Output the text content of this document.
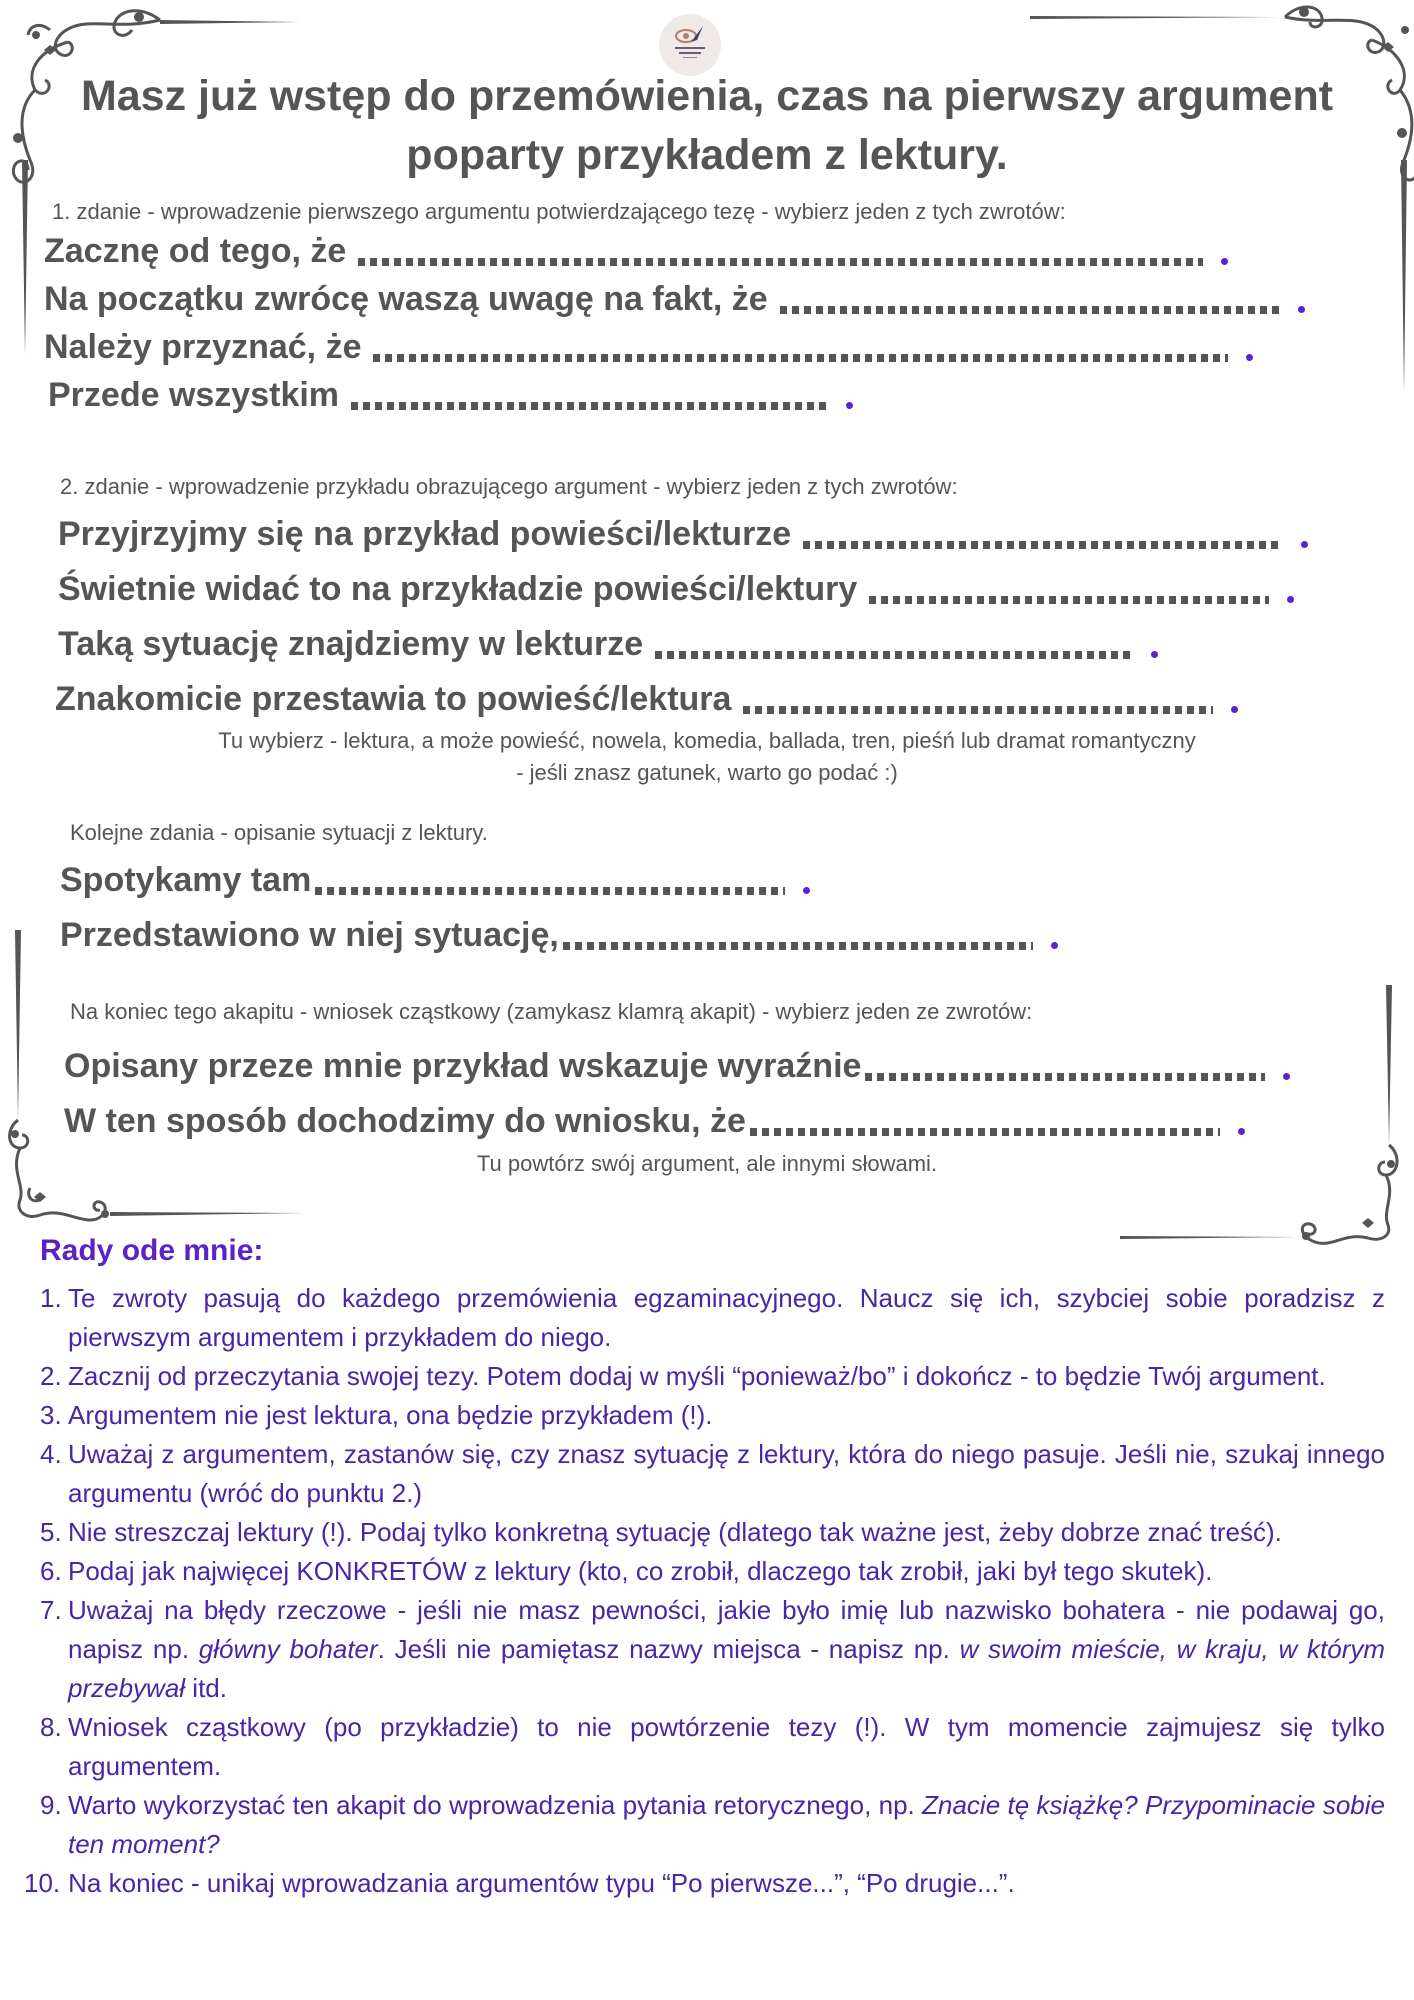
Masz już wstęp do przemówienia, czas na pierwszy argument
poparty przykładem z lektury.
1. zdanie - wprowadzenie pierwszego argumentu potwierdzającego tezę - wybierz jeden z tych zwrotów:
Zacznę od tego, że
Na początku zwrócę waszą uwagę na fakt, że
Należy przyznać, że
Przede wszystkim
2. zdanie - wprowadzenie przykładu obrazującego argument - wybierz jeden z tych zwrotów:
Przyjrzyjmy się na przykład powieści/lekturze
Świetnie widać to na przykładzie powieści/lektury
Taką sytuację znajdziemy w lekturze
Znakomicie przestawia to powieść/lektura
Tu wybierz - lektura, a może powieść, nowela, komedia, ballada, tren, pieśń lub dramat romantyczny
- jeśli znasz gatunek, warto go podać :)
Kolejne zdania - opisanie sytuacji z lektury.
Spotykamy tam
Przedstawiono w niej sytuację,
Na koniec tego akapitu - wniosek cząstkowy (zamykasz klamrą akapit) - wybierz jeden ze zwrotów:
Opisany przeze mnie przykład wskazuje wyraźnie
W ten sposób dochodzimy do wniosku, że
Tu powtórz swój argument, ale innymi słowami.
Rady ode mnie:
1. Te zwroty pasują do każdego przemówienia egzaminacyjnego. Naucz się ich, szybciej sobie poradzisz z pierwszym argumentem i przykładem do niego.
2. Zacznij od przeczytania swojej tezy. Potem dodaj w myśli “ponieważ/bo” i dokończ - to będzie Twój argument.
3. Argumentem nie jest lektura, ona będzie przykładem (!).
4. Uważaj z argumentem, zastanów się, czy znasz sytuację z lektury, która do niego pasuje. Jeśli nie, szukaj innego argumentu (wróć do punktu 2.)
5. Nie streszczaj lektury (!). Podaj tylko konkretną sytuację (dlatego tak ważne jest, żeby dobrze znać treść).
6. Podaj jak najwięcej KONKRETÓW z lektury (kto, co zrobił, dlaczego tak zrobił, jaki był tego skutek).
7. Uważaj na błędy rzeczowe - jeśli nie masz pewności, jakie było imię lub nazwisko bohatera - nie podawaj go, napisz np. główny bohater. Jeśli nie pamiętasz nazwy miejsca - napisz np. w swoim mieście, w kraju, w którym przebywał itd.
8. Wniosek cząstkowy (po przykładzie) to nie powtórzenie tezy (!). W tym momencie zajmujesz się tylko argumentem.
9. Warto wykorzystać ten akapit do wprowadzenia pytania retorycznego, np. Znacie tę książkę? Przypominacie sobie ten moment?
10. Na koniec - unikaj wprowadzania argumentów typu “Po pierwsze...”, “Po drugie...”.
